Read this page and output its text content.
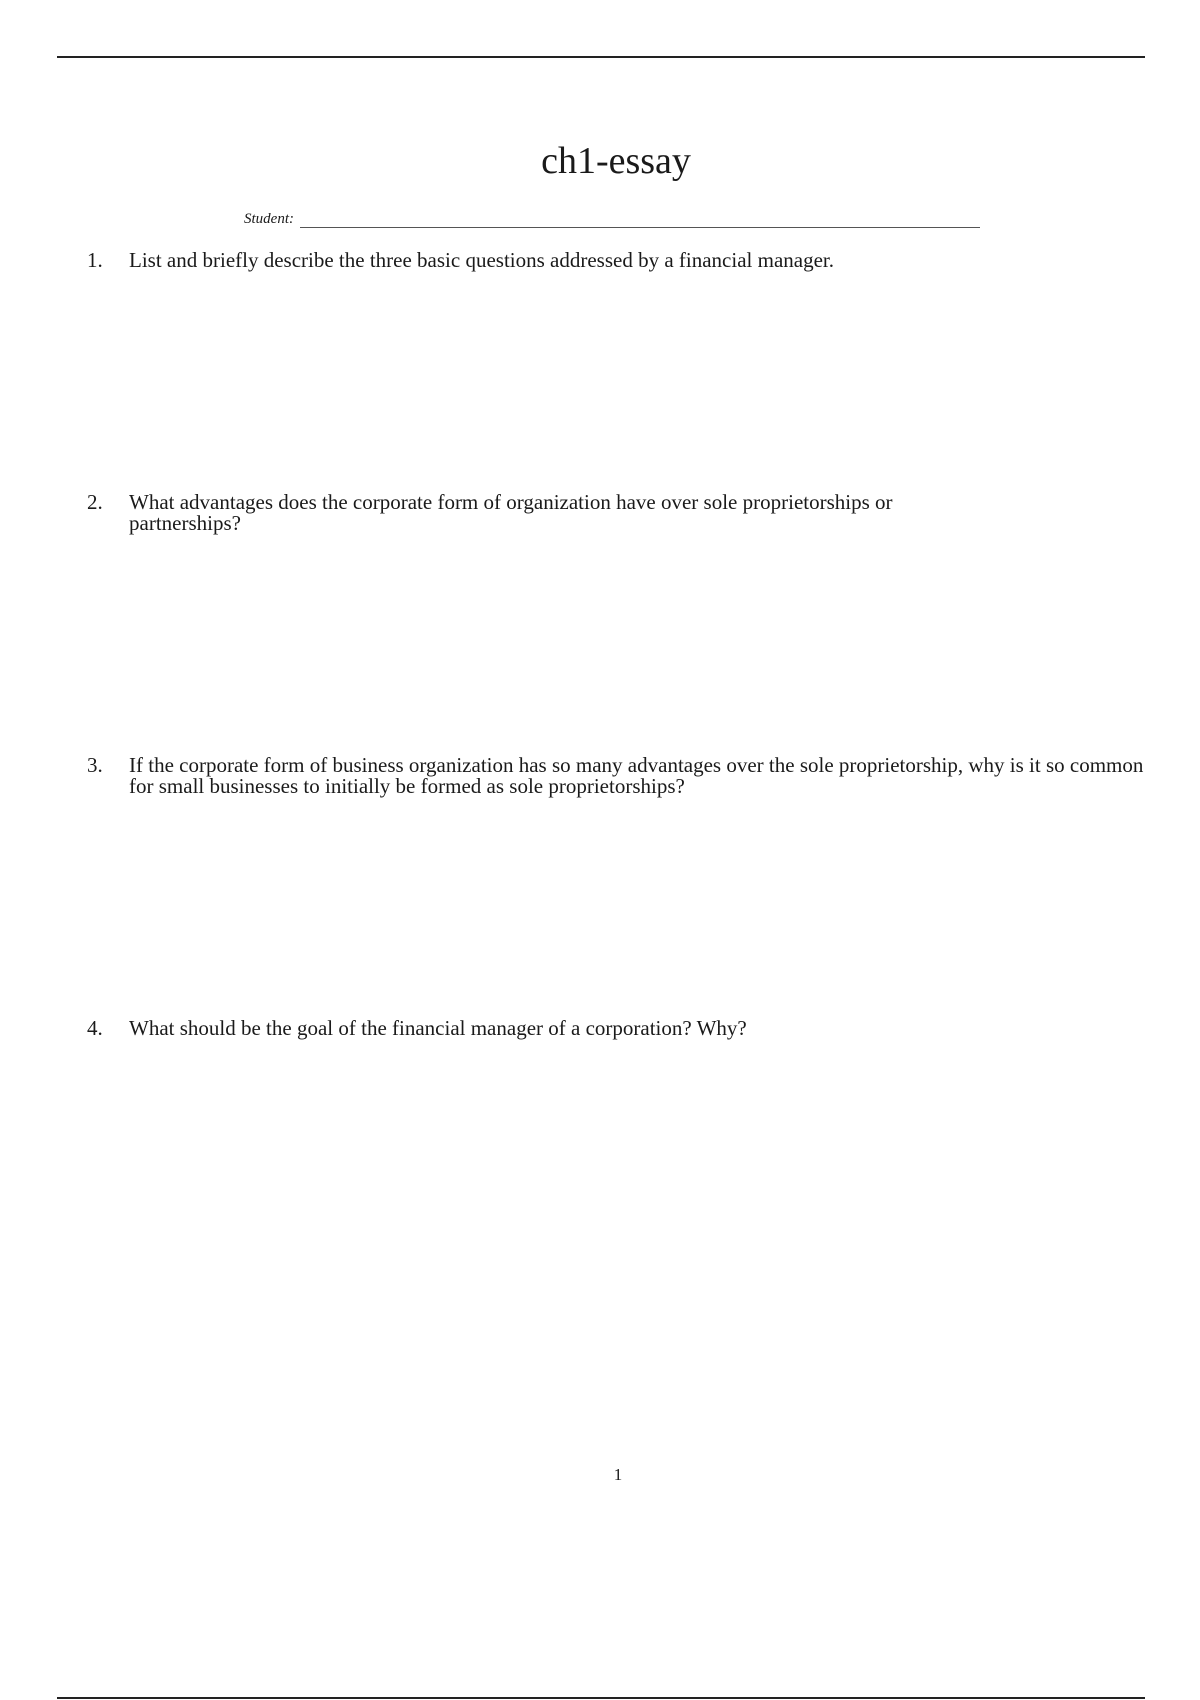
ch1-essay
Student:
1.	List and briefly describe the three basic questions addressed by a financial manager.
2.	What advantages does the corporate form of organization have over sole proprietorships or partnerships?
3.	If the corporate form of business organization has so many advantages over the sole proprietorship, why is it so common for small businesses to initially be formed as sole proprietorships?
4.	What should be the goal of the financial manager of a corporation? Why?
1
